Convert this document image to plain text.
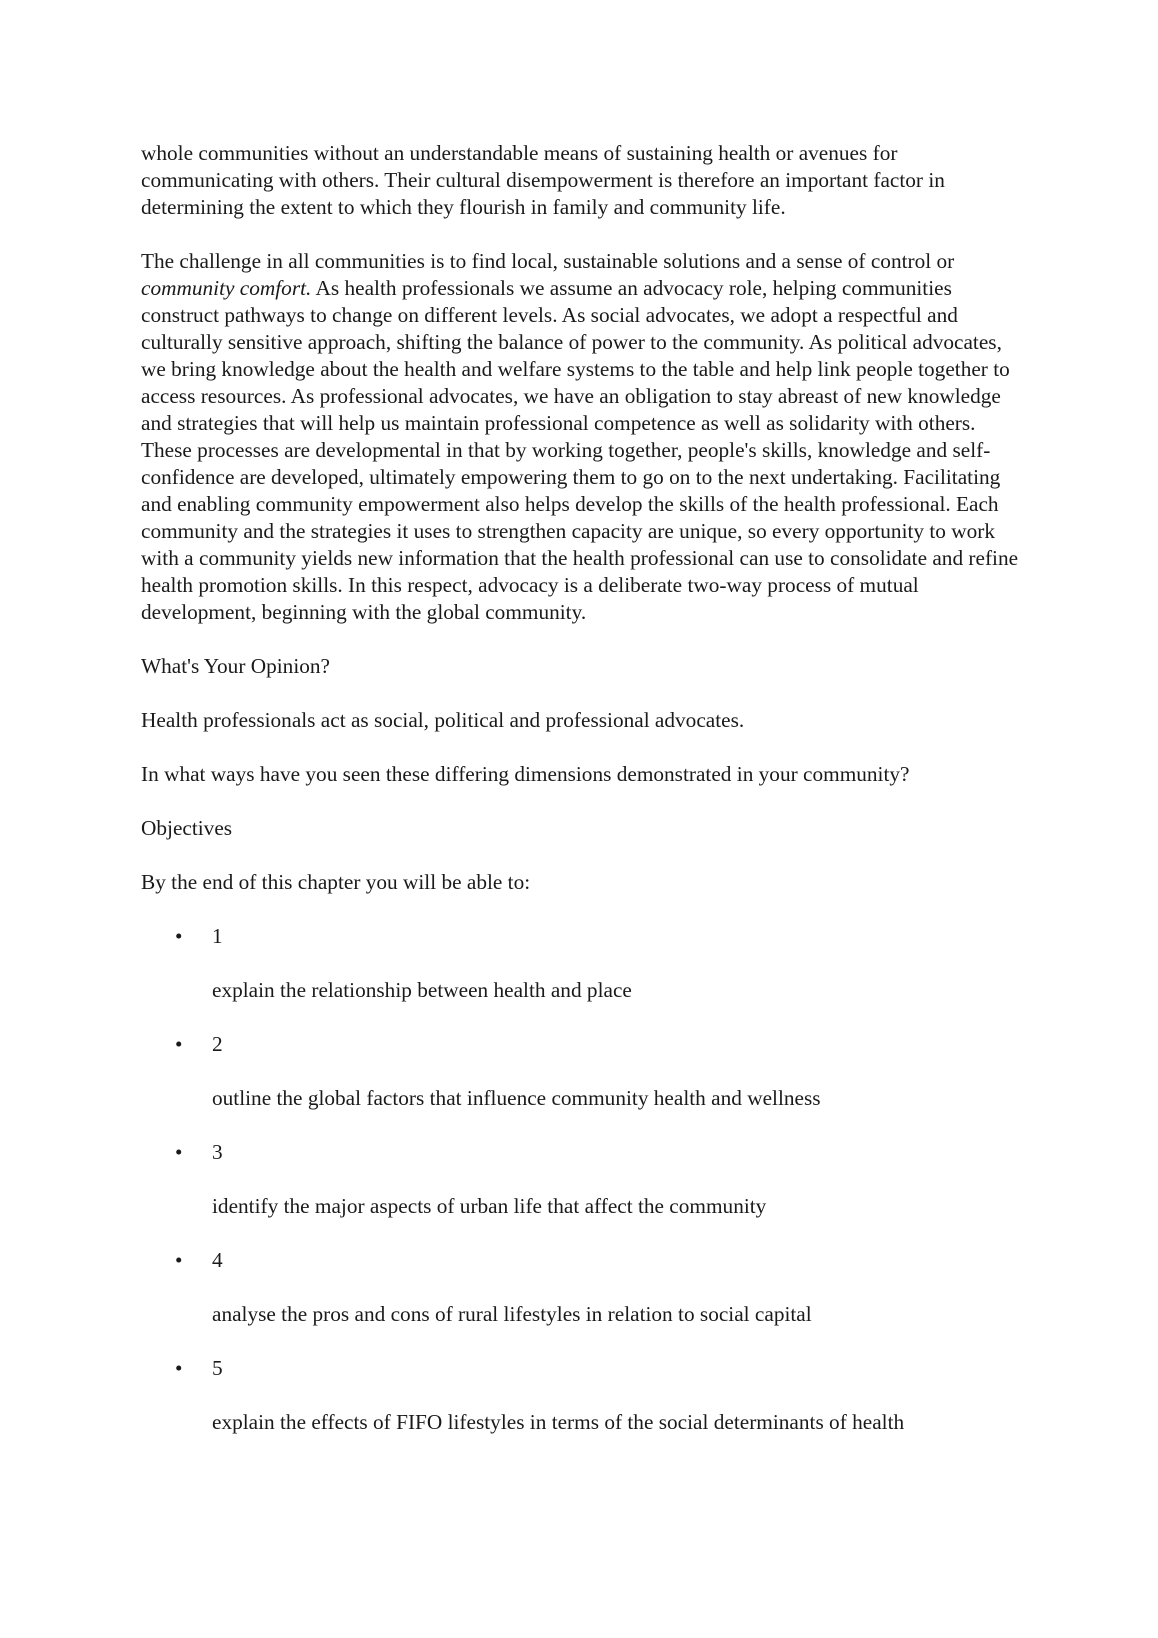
whole communities without an understandable means of sustaining health or avenues for communicating with others. Their cultural disempowerment is therefore an important factor in determining the extent to which they flourish in family and community life.

The challenge in all communities is to find local, sustainable solutions and a sense of control or community comfort. As health professionals we assume an advocacy role, helping communities construct pathways to change on different levels. As social advocates, we adopt a respectful and culturally sensitive approach, shifting the balance of power to the community. As political advocates, we bring knowledge about the health and welfare systems to the table and help link people together to access resources. As professional advocates, we have an obligation to stay abreast of new knowledge and strategies that will help us maintain professional competence as well as solidarity with others. These processes are developmental in that by working together, people's skills, knowledge and self-confidence are developed, ultimately empowering them to go on to the next undertaking. Facilitating and enabling community empowerment also helps develop the skills of the health professional. Each community and the strategies it uses to strengthen capacity are unique, so every opportunity to work with a community yields new information that the health professional can use to consolidate and refine health promotion skills. In this respect, advocacy is a deliberate two-way process of mutual development, beginning with the global community.

What's Your Opinion?

Health professionals act as social, political and professional advocates.

In what ways have you seen these differing dimensions demonstrated in your community?

Objectives

By the end of this chapter you will be able to:

• 1
explain the relationship between health and place
• 2
outline the global factors that influence community health and wellness
• 3
identify the major aspects of urban life that affect the community
• 4
analyse the pros and cons of rural lifestyles in relation to social capital
• 5
explain the effects of FIFO lifestyles in terms of the social determinants of health
